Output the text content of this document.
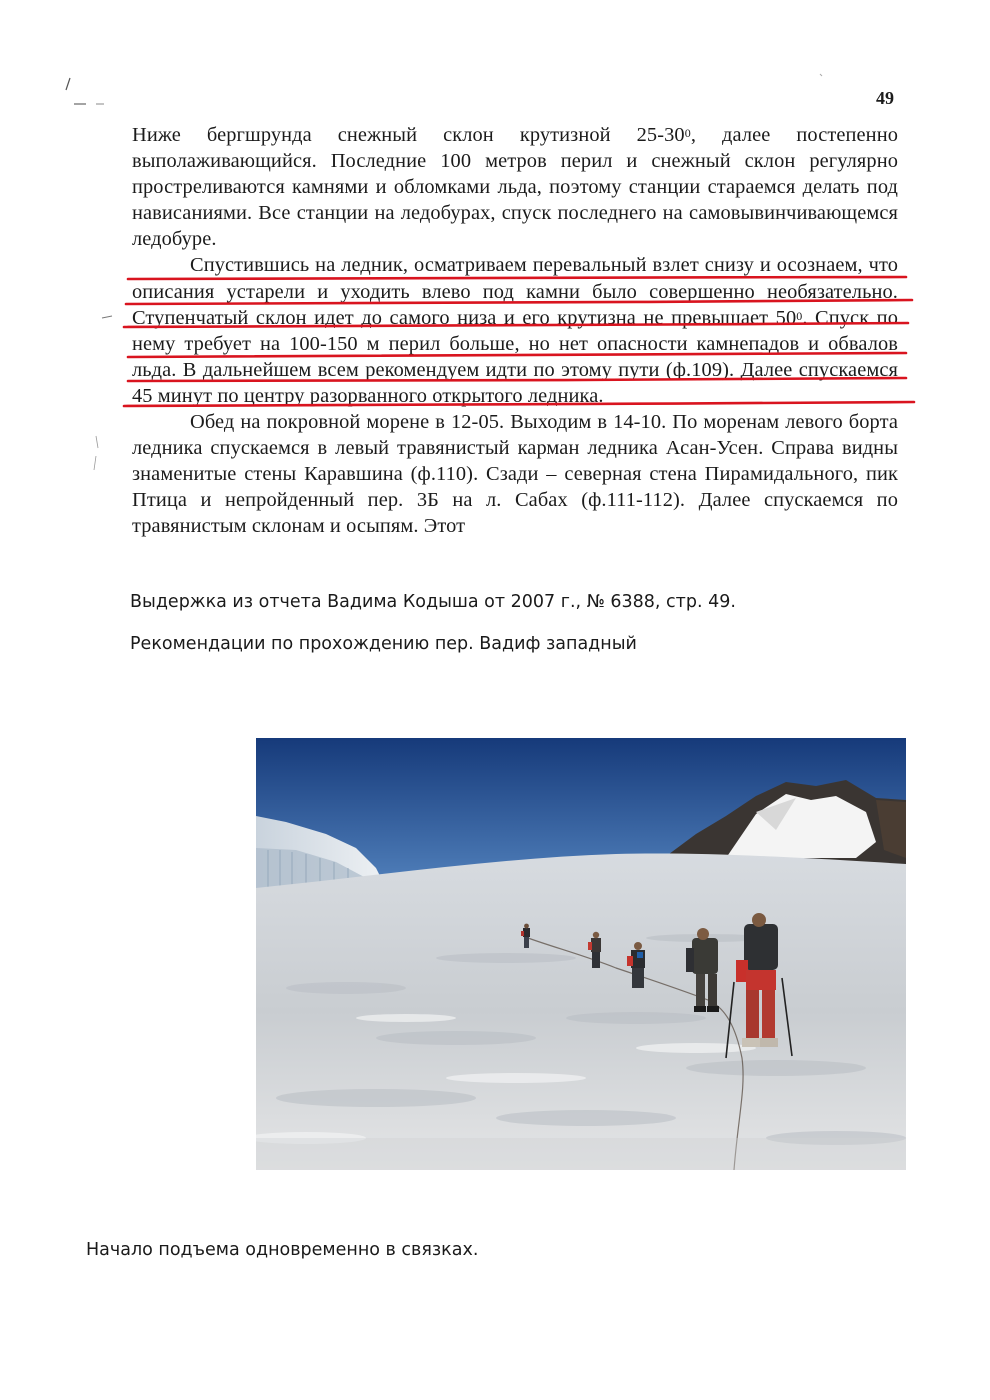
49

Ниже бергшрунда снежный склон крутизной $25-30^0$, далее постепенно выполаживающийся. Последние 100 метров перил и снежный склон регулярно простреливаются камнями и обломками льда, поэтому станции стараемся делать под нависаниями. Все станции на ледобурах, спуск последнего на самовывинчивающемся ледобуре.

Спустившись на ледник, осматриваем перевальный взлет снизу и осознаем, что описания устарели и уходить влево под камни было совершенно необязательно. Ступенчатый склон идет до самого низа и его крутизна не превышает $50^0$. Спуск по нему требует на 100-150 м перил больше, но нет опасности камнепадов и обвалов льда. В дальнейшем всем рекомендуем идти по этому пути (ф.109). Далее спускаемся 45 минут по центру разорванного открытого ледника.

Обед на покровной морене в 12-05. Выходим в 14-10. По моренам левого борта ледника спускаемся в левый травянистый карман ледника Асан-Усен. Справа видны знаменитые стены Каравшина (ф.110). Сзади – северная стена Пирамидального, пик Птица и непройденный пер. 3Б на л. Сабах (ф.111-112). Далее спускаемся по травянистым склонам и осыпям. Этот

Выдержка из отчета Вадима Кодыша от 2007 г., № 6388, стр. 49.
Рекомендации по прохождению пер. Вадиф западный
Начало подъема одновременно в связках.
